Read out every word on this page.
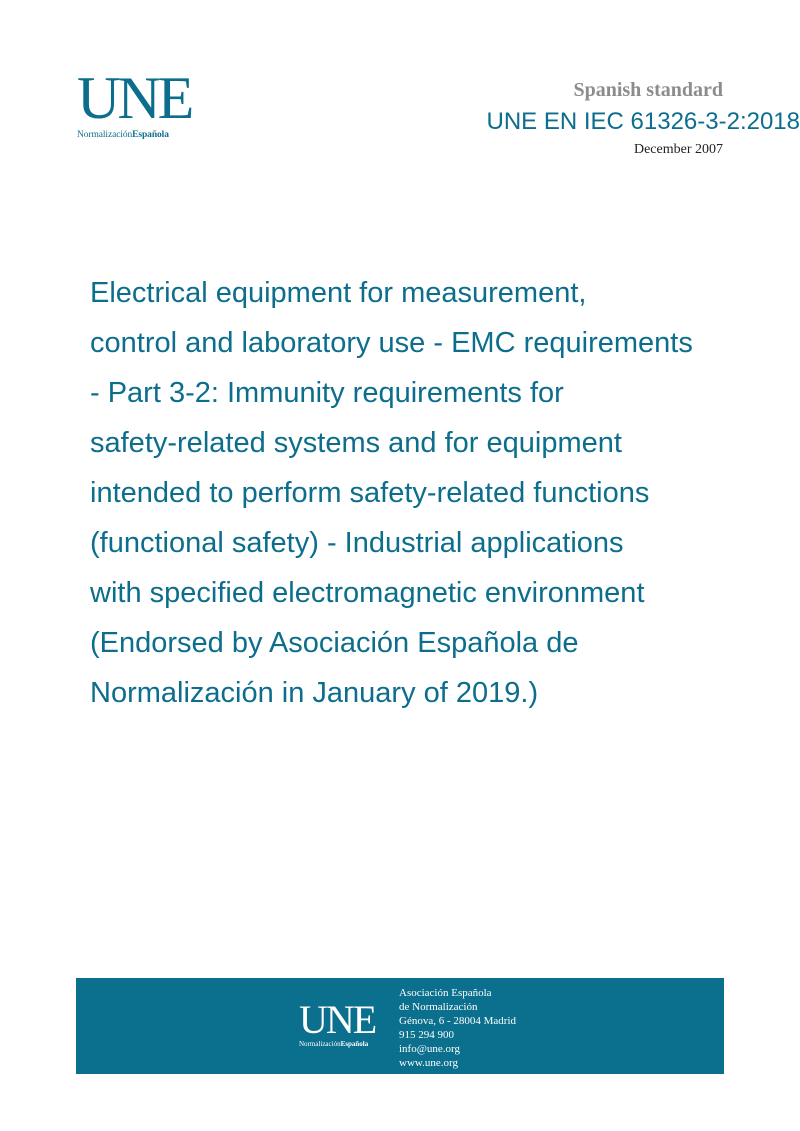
UNE
NormalizaciónEspañola
Spanish standard
UNE EN IEC 61326-3-2:2018
December 2007
Electrical equipment for measurement,
control and laboratory use - EMC requirements
- Part 3-2: Immunity requirements for
safety-related systems and for equipment
intended to perform safety-related functions
(functional safety) - Industrial applications
with specified electromagnetic environment
(Endorsed by Asociación Española de
Normalización in January of 2019.)
UNE
NormalizaciónEspañola
Asociación Española
de Normalización
Génova, 6 - 28004 Madrid
915 294 900
info@une.org
www.une.org
